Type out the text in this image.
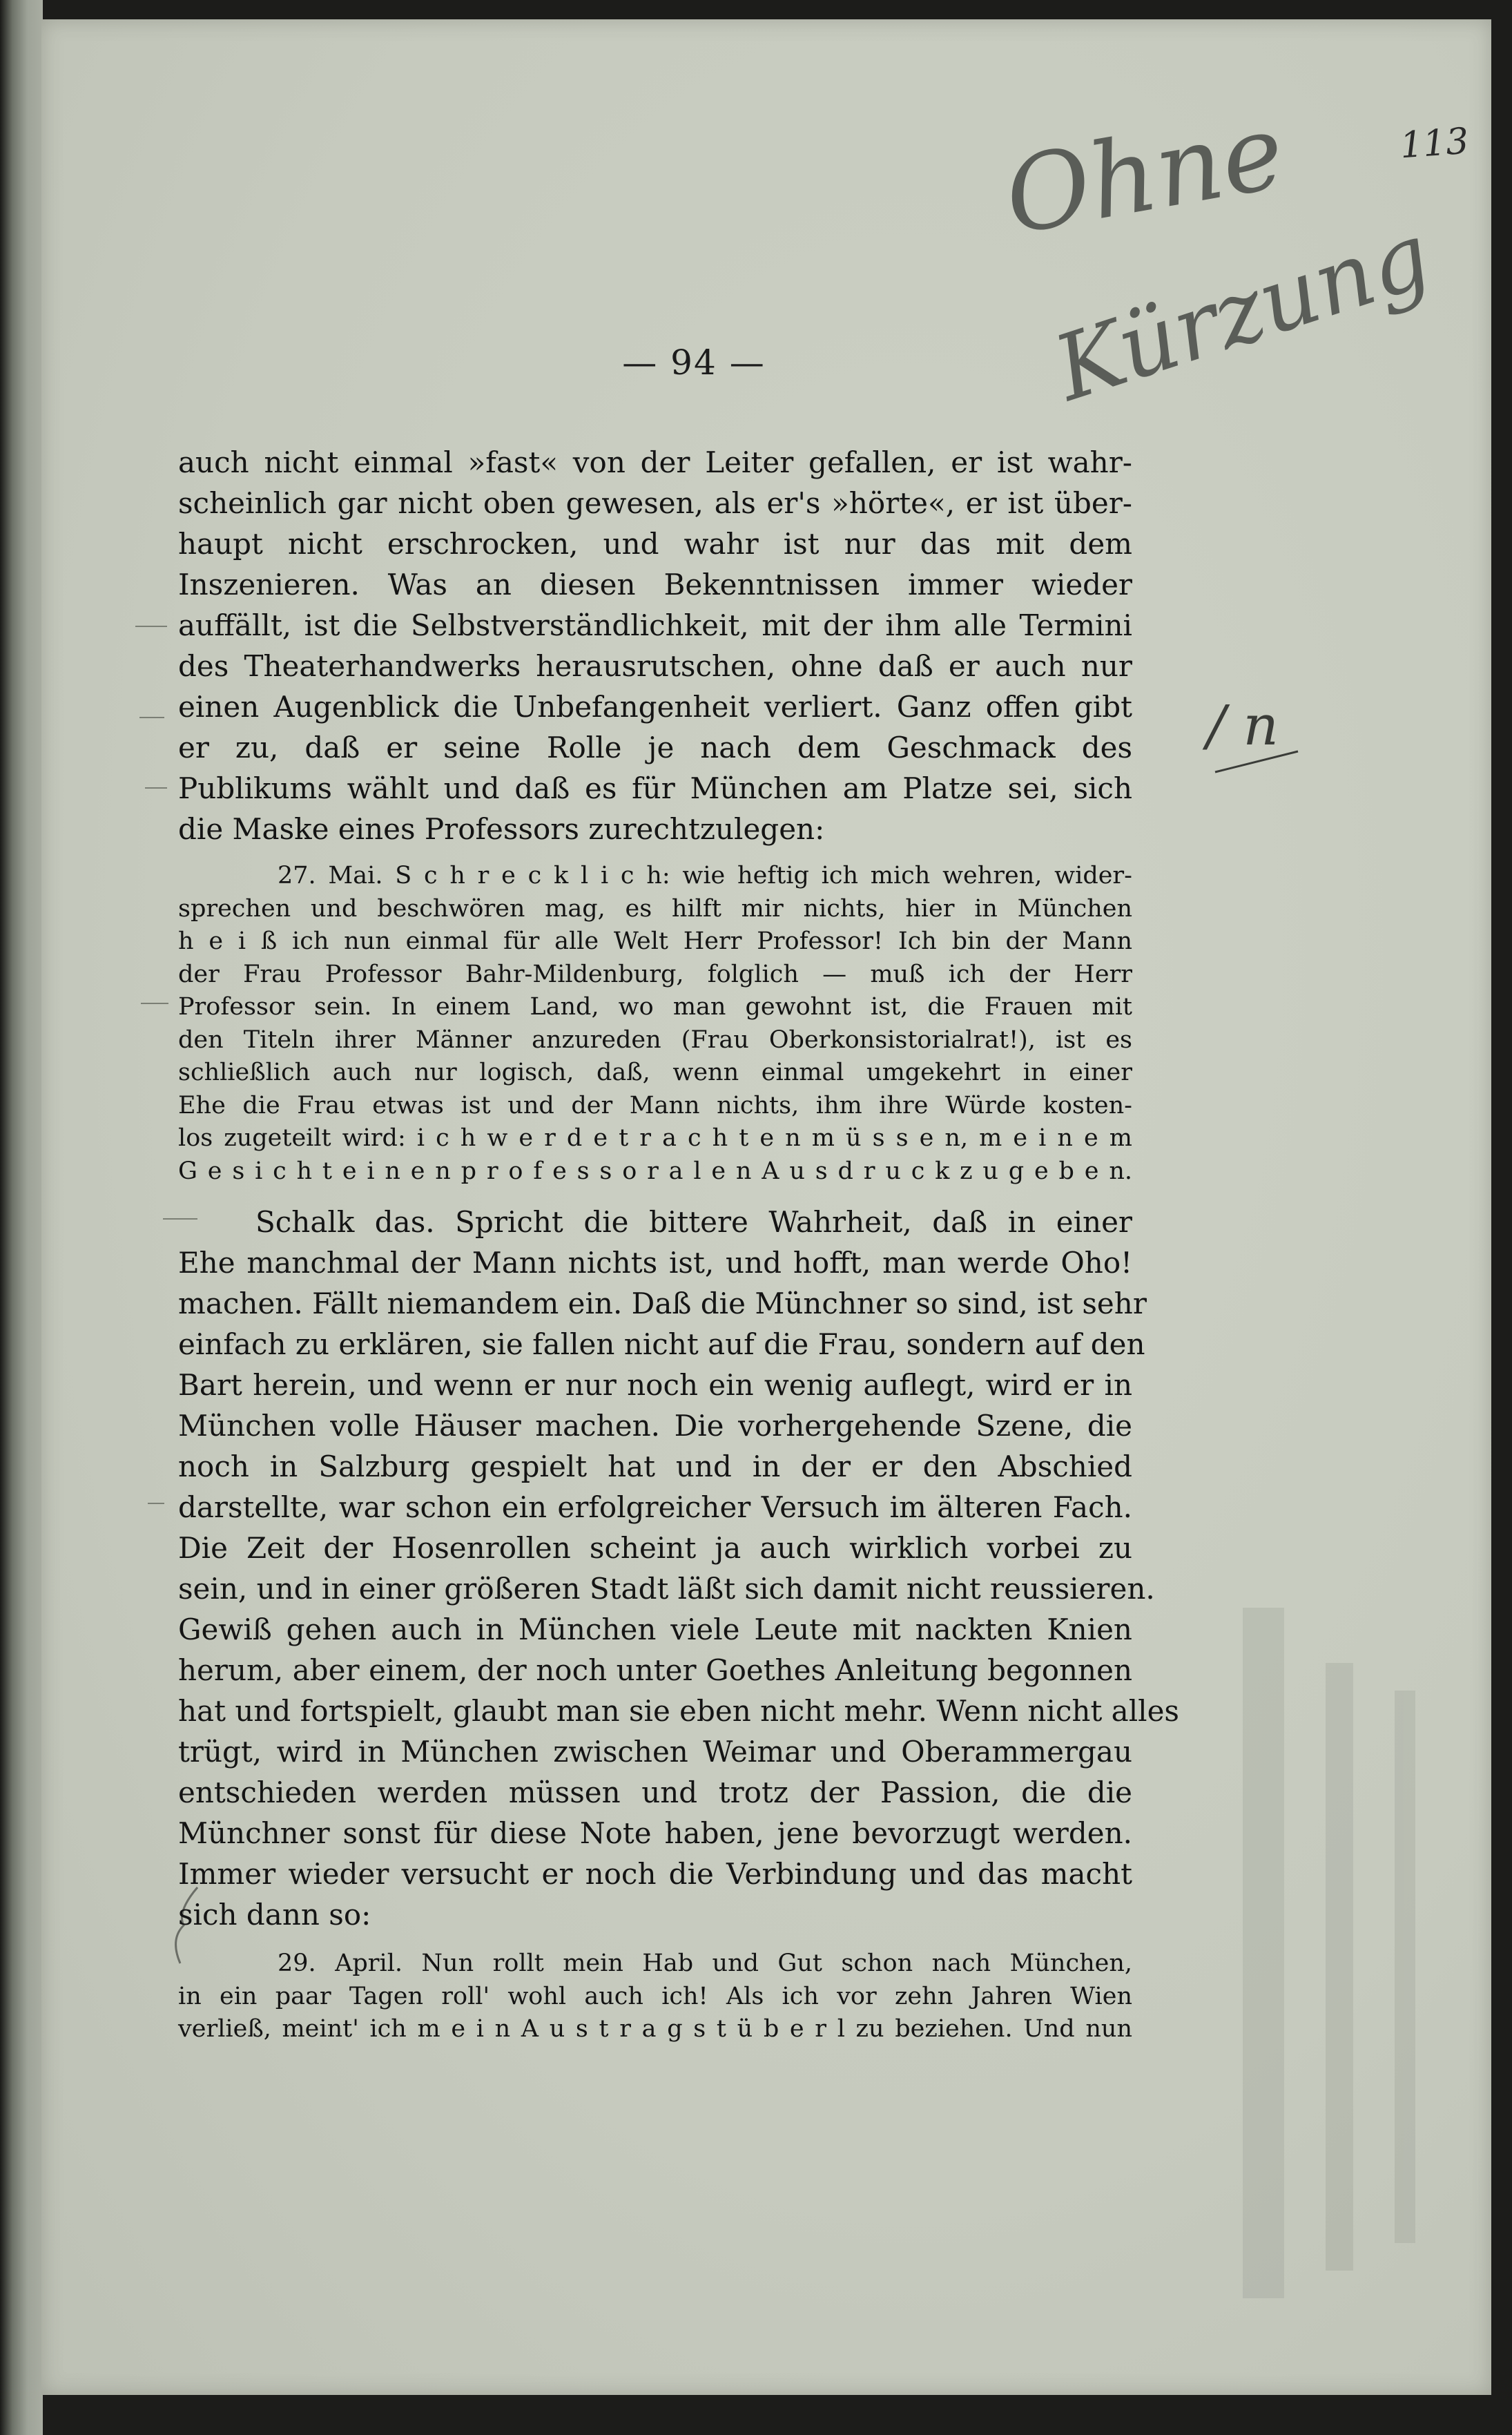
Ohne
Kürzung
113
— 94 —
/ n
auch nicht einmal »fast« von der Leiter gefallen, er ist wahr-
scheinlich gar nicht oben gewesen, als er's »hörte«, er ist über-
haupt nicht erschrocken, und wahr ist nur das mit dem
Inszenieren. Was an diesen Bekenntnissen immer wieder
auffällt, ist die Selbstverständlichkeit, mit der ihm alle Termini
des Theaterhandwerks herausrutschen, ohne daß er auch nur
einen Augenblick die Unbefangenheit verliert. Ganz offen gibt
er zu, daß er seine Rolle je nach dem Geschmack des
Publikums wählt und daß es für München am Platze sei, sich
die Maske eines Professors zurechtzulegen:
27. Mai. S c h r e c k l i c h: wie heftig ich mich wehren, wider-
sprechen und beschwören mag, es hilft mir nichts, hier in München
h e i ß ich nun einmal für alle Welt Herr Professor! Ich bin der Mann
der Frau Professor Bahr-Mildenburg, folglich — muß ich der Herr
Professor sein. In einem Land, wo man gewohnt ist, die Frauen mit
den Titeln ihrer Männer anzureden (Frau Oberkonsistorialrat!), ist es
schließlich auch nur logisch, daß, wenn einmal umgekehrt in einer
Ehe die Frau etwas ist und der Mann nichts, ihm ihre Würde kosten-
los zugeteilt wird: i c h w e r d e t r a c h t e n m ü s s e n, m e i n e m
G e s i c h t e i n e n p r o f e s s o r a l e n A u s d r u c k z u g e b e n.
Schalk das. Spricht die bittere Wahrheit, daß in einer
Ehe manchmal der Mann nichts ist, und hofft, man werde Oho!
machen. Fällt niemandem ein. Daß die Münchner so sind, ist sehr
einfach zu erklären, sie fallen nicht auf die Frau, sondern auf den
Bart herein, und wenn er nur noch ein wenig auflegt, wird er in
München volle Häuser machen. Die vorhergehende Szene, die
noch in Salzburg gespielt hat und in der er den Abschied
darstellte, war schon ein erfolgreicher Versuch im älteren Fach.
Die Zeit der Hosenrollen scheint ja auch wirklich vorbei zu
sein, und in einer größeren Stadt läßt sich damit nicht reussieren.
Gewiß gehen auch in München viele Leute mit nackten Knien
herum, aber einem, der noch unter Goethes Anleitung begonnen
hat und fortspielt, glaubt man sie eben nicht mehr. Wenn nicht alles
trügt, wird in München zwischen Weimar und Oberammergau
entschieden werden müssen und trotz der Passion, die die
Münchner sonst für diese Note haben, jene bevorzugt werden.
Immer wieder versucht er noch die Verbindung und das macht
sich dann so:
29. April. Nun rollt mein Hab und Gut schon nach München,
in ein paar Tagen roll' wohl auch ich! Als ich vor zehn Jahren Wien
verließ, meint' ich m e i n A u s t r a g s t ü b e r l zu beziehen. Und nun
